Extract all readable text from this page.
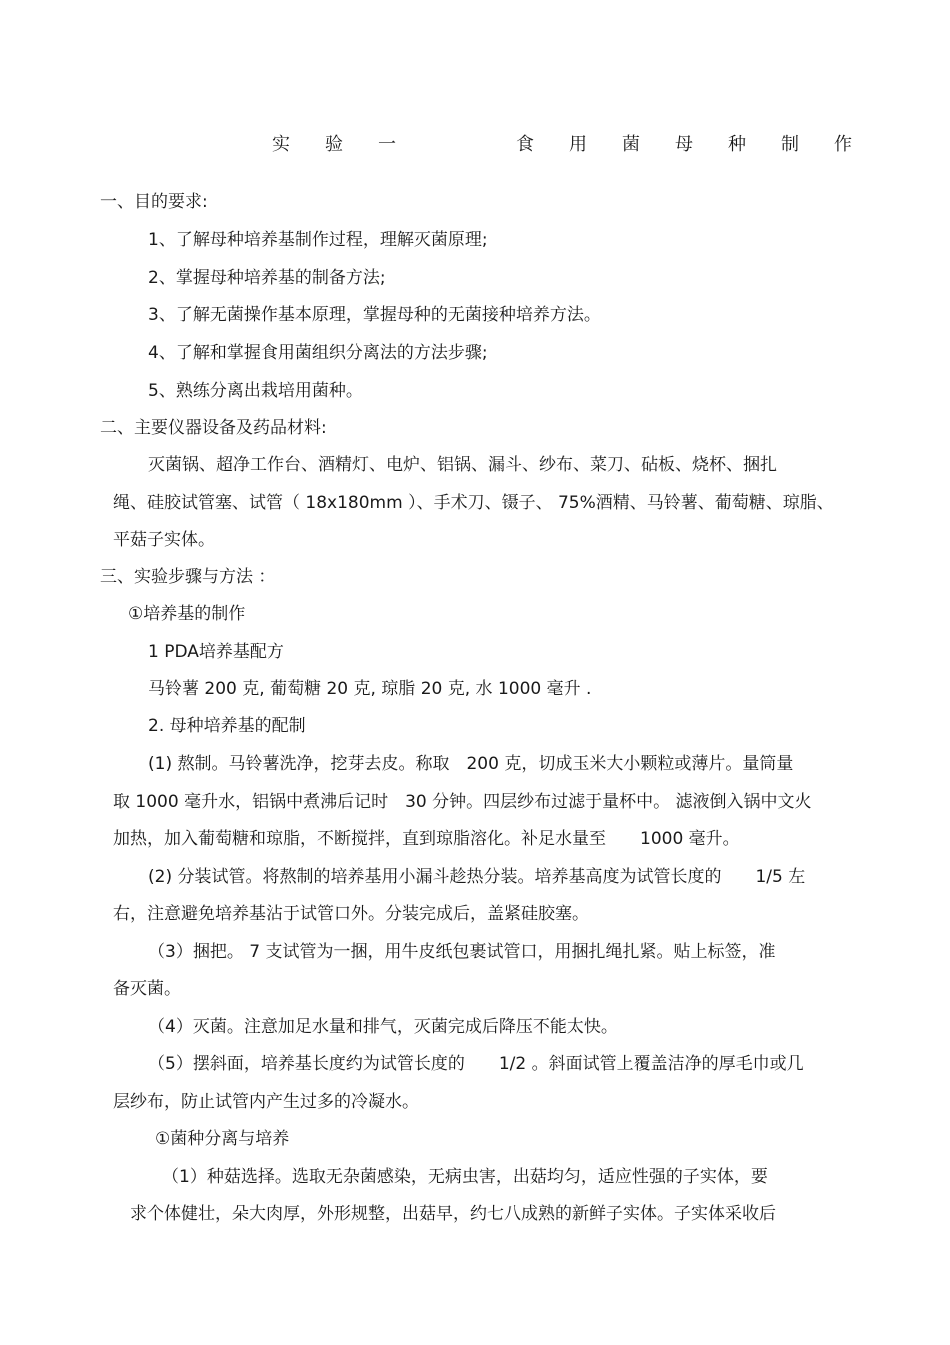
实 验 一	食 用 菌 母 种 制 作
一、目的要求:
1、了解母种培养基制作过程，理解灭菌原理;
2、掌握母种培养基的制备方法;
3、了解无菌操作基本原理，掌握母种的无菌接种培养方法。
4、了解和掌握食用菌组织分离法的方法步骤;
5、熟练分离出栽培用菌种。
二、主要仪器设备及药品材料:
灭菌锅、超净工作台、酒精灯、电炉、铝锅、漏斗、纱布、菜刀、砧板、烧杯、捆扎
绳、硅胶试管塞、试管（ 18x180mm ）、手术刀、镊子、 75%酒精、马铃薯、葡萄糖、琼脂、
平菇子实体。
三、实验步骤与方法 ：
①培养基的制作
1 PDA培养基配方
马铃薯 200 克, 葡萄糖 20 克, 琼脂 20 克, 水 1000 毫升 .
2. 母种培养基的配制
(1) 熬制。马铃薯洗净，挖芽去皮。称取　200 克，切成玉米大小颗粒或薄片。量筒量
取 1000 毫升水，铝锅中煮沸后记时　30 分钟。四层纱布过滤于量杯中。 滤液倒入锅中文火
加热，加入葡萄糖和琼脂，不断搅拌，直到琼脂溶化。补足水量至　　1000 毫升。
(2) 分装试管。将熬制的培养基用小漏斗趁热分装。培养基高度为试管长度的　　1/5 左
右，注意避免培养基沾于试管口外。分装完成后，盖紧硅胶塞。
（3）捆把。 7 支试管为一捆，用牛皮纸包裹试管口，用捆扎绳扎紧。贴上标签，准
备灭菌。
（4）灭菌。注意加足水量和排气，灭菌完成后降压不能太快。
（5）摆斜面，培养基长度约为试管长度的　　1/2 。斜面试管上覆盖洁净的厚毛巾或几
层纱布，防止试管内产生过多的冷凝水。
①菌种分离与培养
（1）种菇选择。选取无杂菌感染，无病虫害，出菇均匀，适应性强的子实体，要
求个体健壮，朵大肉厚，外形规整，出菇早，约七八成熟的新鲜子实体。子实体采收后
